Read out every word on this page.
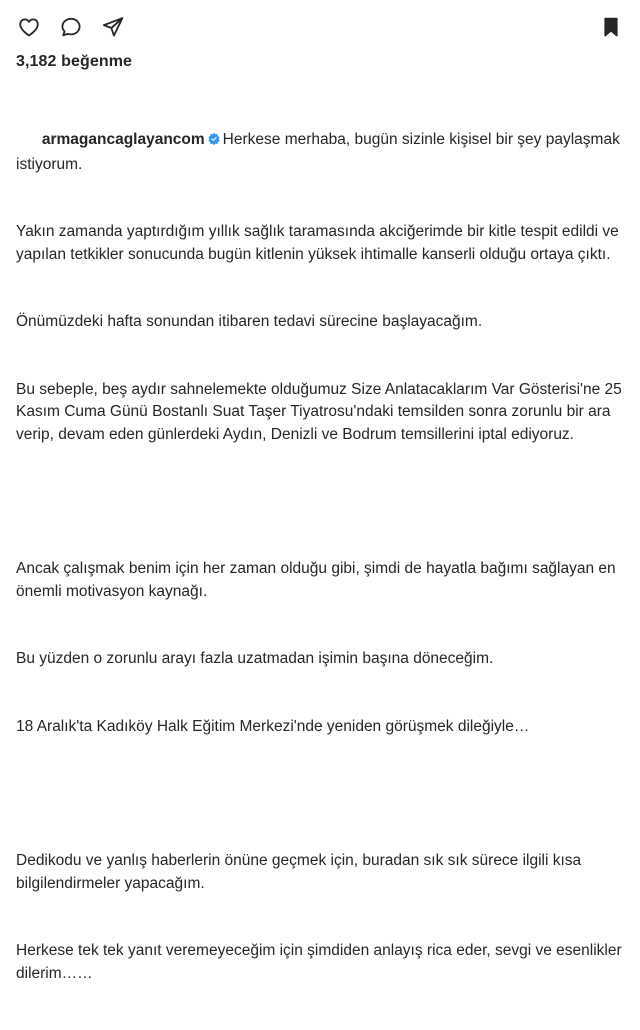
3,182 beğenme

armagancaglayancom Herkese merhaba, bugün sizinle kişisel bir şey paylaşmak istiyorum.

Yakın zamanda yaptırdığım yıllık sağlık taramasında akciğerimde bir kitle tespit edildi ve yapılan tetkikler sonucunda bugün kitlenin yüksek ihtimalle kanserli olduğu ortaya çıktı.

Önümüzdeki hafta sonundan itibaren tedavi sürecine başlayacağım.

Bu sebeple, beş aydır sahnelemekte olduğumuz Size Anlatacaklarım Var Gösterisi'ne 25 Kasım Cuma Günü Bostanlı Suat Taşer Tiyatrosu'ndaki temsilden sonra zorunlu bir ara verip, devam eden günlerdeki Aydın, Denizli ve Bodrum temsillerini iptal ediyoruz.

Ancak çalışmak benim için her zaman olduğu gibi, şimdi de hayatla bağımı sağlayan en önemli motivasyon kaynağı.

Bu yüzden o zorunlu arayı fazla uzatmadan işimin başına döneceğim.

18 Aralık'ta Kadıköy Halk Eğitim Merkezi'nde yeniden görüşmek dileğiyle…

Dedikodu ve yanlış haberlerin önüne geçmek için, buradan sık sık sürece ilgili kısa bilgilendirmeler yapacağım.

Herkese tek tek yanıt veremeyeceğim için şimdiden anlayış rica eder, sevgi ve esenlikler dilerim……
